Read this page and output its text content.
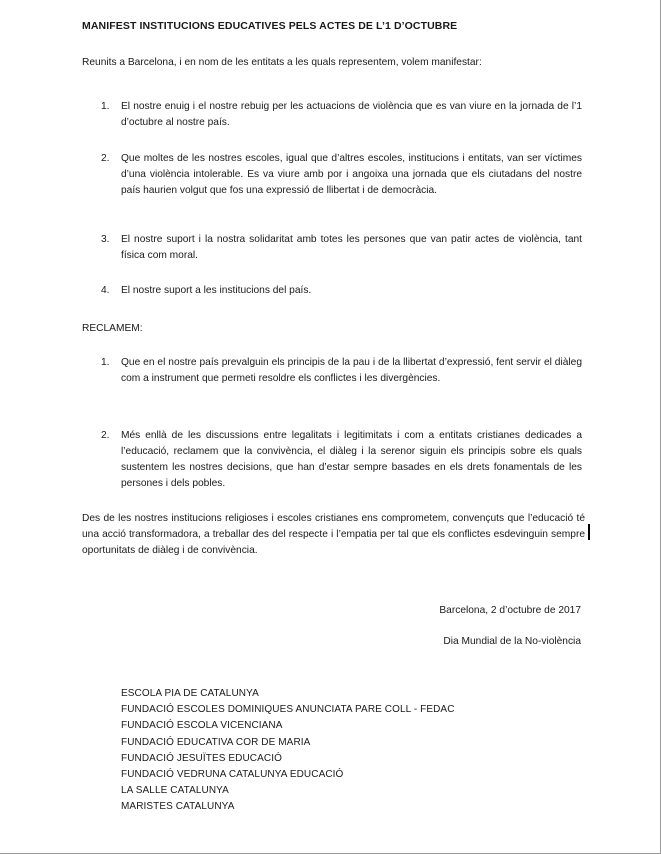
MANIFEST INSTITUCIONS EDUCATIVES PELS ACTES DE L’1 D’OCTUBRE
Reunits a Barcelona, i en nom de les entitats a les quals representem, volem manifestar:
1. El nostre enuig i el nostre rebuig per les actuacions de violència que es van viure en la jornada de l’1 d’octubre al nostre país.
2. Que moltes de les nostres escoles, igual que d’altres escoles, institucions i entitats, van ser víctimes d’una violència intolerable. Es va viure amb por i angoixa una jornada que els ciutadans del nostre país haurien volgut que fos una expressió de llibertat i de democràcia.
3. El nostre suport i la nostra solidaritat amb totes les persones que van patir actes de violència, tant física com moral.
4. El nostre suport a les institucions del país.
RECLAMEM:
1. Que en el nostre país prevalguin els principis de la pau i de la llibertat d’expressió, fent servir el diàleg com a instrument que permeti resoldre els conflictes i les divergències.
2. Més enllà de les discussions entre legalitats i legitimitats i com a entitats cristianes dedicades a l’educació, reclamem que la convivència, el diàleg i la serenor siguin els principis sobre els quals sustentem les nostres decisions, que han d’estar sempre basades en els drets fonamentals de les persones i dels pobles.
Des de les nostres institucions religioses i escoles cristianes ens comprometem, convençuts que l’educació té una acció transformadora, a treballar des del respecte i l’empatia per tal que els conflictes esdevinguin sempre oportunitats de diàleg i de convivència.
Barcelona, 2 d’octubre de 2017
Dia Mundial de la No-violència
ESCOLA PIA DE CATALUNYA
FUNDACIÓ ESCOLES DOMINIQUES ANUNCIATA PARE COLL - FEDAC
FUNDACIÓ ESCOLA VICENCIANA
FUNDACIÓ EDUCATIVA COR DE MARIA
FUNDACIÓ JESUÏTES EDUCACIÓ
FUNDACIÓ VEDRUNA CATALUNYA EDUCACIÓ
LA SALLE CATALUNYA
MARISTES CATALUNYA
